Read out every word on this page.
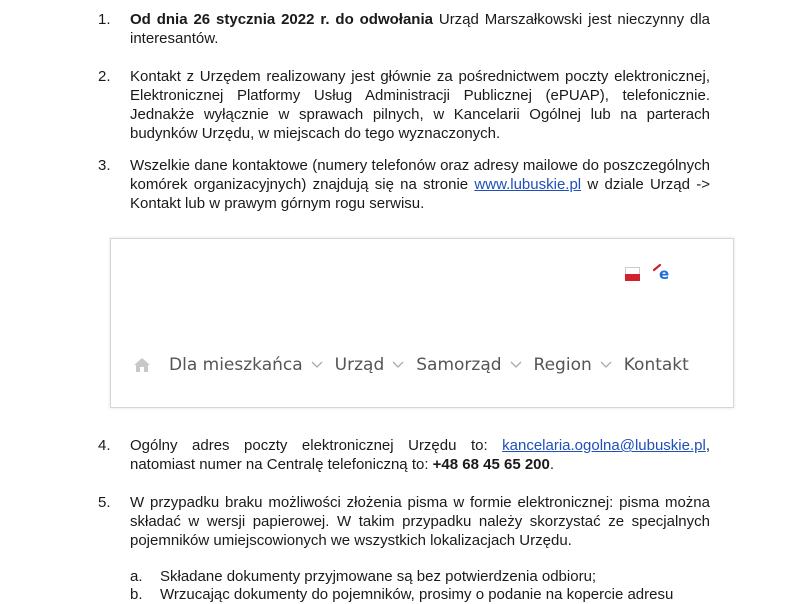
1. Od dnia 26 stycznia 2022 r. do odwołania Urząd Marszałkowski jest nieczynny dla interesantów.
2. Kontakt z Urzędem realizowany jest głównie za pośrednictwem poczty elektronicznej, Elektronicznej Platformy Usług Administracji Publicznej (ePUAP), telefonicznie. Jednakże wyłącznie w sprawach pilnych, w Kancelarii Ogólnej lub na parterach budynków Urzędu, w miejscach do tego wyznaczonych.
3. Wszelkie dane kontaktowe (numery telefonów oraz adresy mailowe do poszczególnych komórek organizacyjnych) znajdują się na stronie www.lubuskie.pl w dziale Urząd -> Kontakt lub w prawym górnym rogu serwisu.
e
Dla mieszkańca Urząd Samorząd Region Kontakt
4. Ogólny adres poczty elektronicznej Urzędu to: kancelaria.ogolna@lubuskie.pl, natomiast numer na Centralę telefoniczną to: +48 68 45 65 200.
5. W przypadku braku możliwości złożenia pisma w formie elektronicznej: pisma można składać w wersji papierowej. W takim przypadku należy skorzystać ze specjalnych pojemników umiejscowionych we wszystkich lokalizacjach Urzędu.
a. Składane dokumenty przyjmowane są bez potwierdzenia odbioru;
b. Wrzucając dokumenty do pojemników, prosimy o podanie na kopercie adresu
